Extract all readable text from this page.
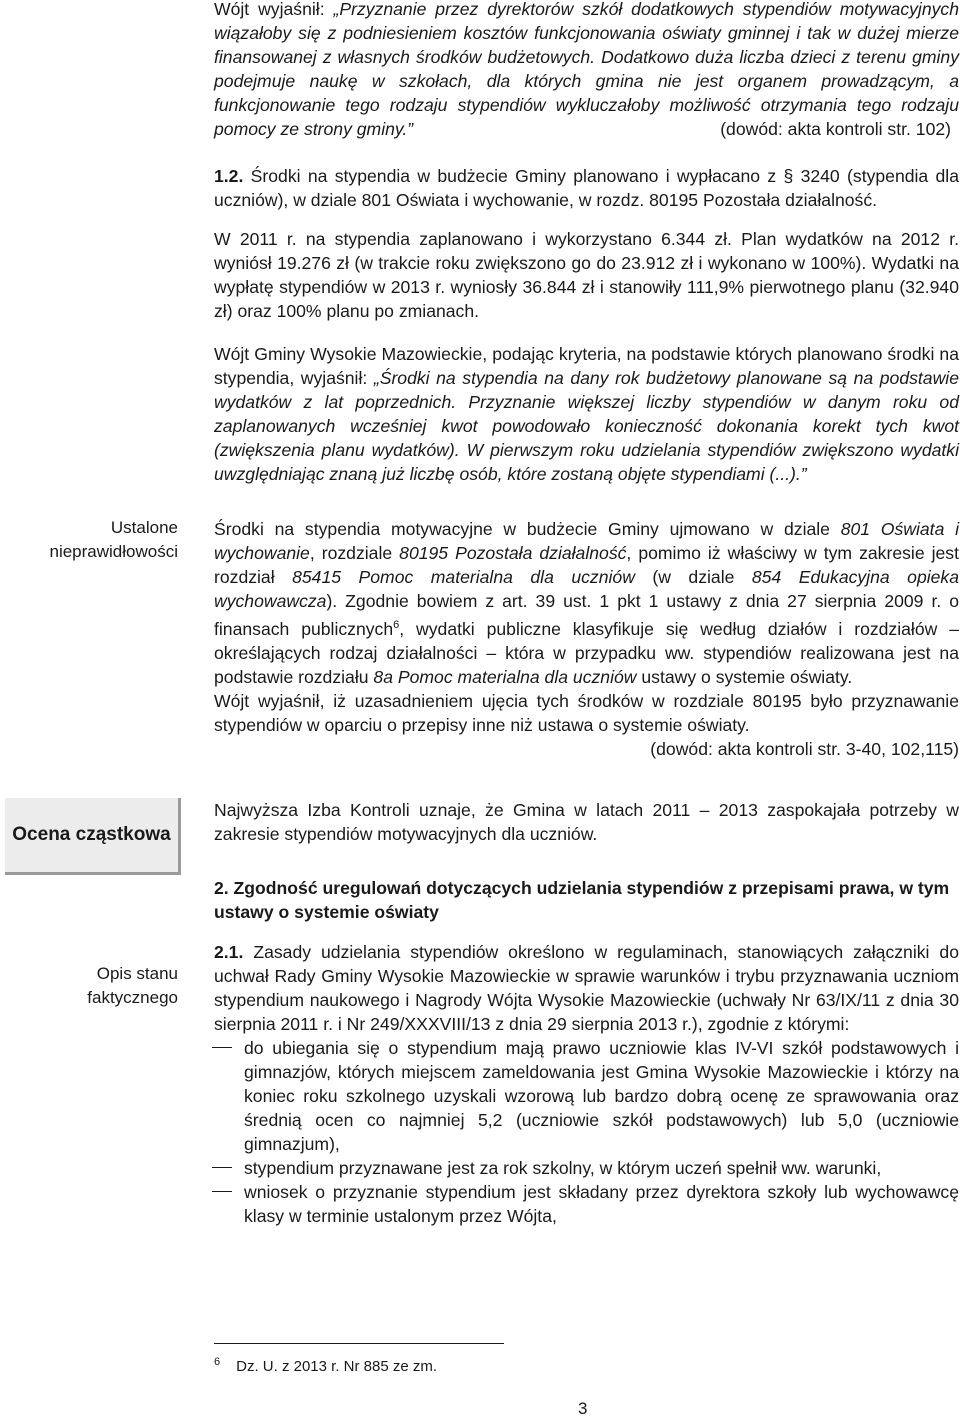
Wójt wyjaśnił: „Przyznanie przez dyrektorów szkół dodatkowych stypendiów motywacyjnych wiązałoby się z podniesieniem kosztów funkcjonowania oświaty gminnej i tak w dużej mierze finansowanej z własnych środków budżetowych. Dodatkowo duża liczba dzieci z terenu gminy podejmuje naukę w szkołach, dla których gmina nie jest organem prowadzącym, a funkcjonowanie tego rodzaju stypendiów wykluczałoby możliwość otrzymania tego rodzaju pomocy ze strony gminy.”	(dowód: akta kontroli str. 102)

1.2. Środki na stypendia w budżecie Gminy planowano i wypłacano z § 3240 (stypendia dla uczniów), w dziale 801 Oświata i wychowanie, w rozdz. 80195 Pozostała działalność.

W 2011 r. na stypendia zaplanowano i wykorzystano 6.344 zł. Plan wydatków na 2012 r. wyniósł 19.276 zł (w trakcie roku zwiększono go do 23.912 zł i wykonano w 100%). Wydatki na wypłatę stypendiów w 2013 r. wyniosły 36.844 zł i stanowiły 111,9% pierwotnego planu (32.940 zł) oraz 100% planu po zmianach.

Wójt Gminy Wysokie Mazowieckie, podając kryteria, na podstawie których planowano środki na stypendia, wyjaśnił: „Środki na stypendia na dany rok budżetowy planowane są na podstawie wydatków z lat poprzednich. Przyznanie większej liczby stypendiów w danym roku od zaplanowanych wcześniej kwot powodowało konieczność dokonania korekt tych kwot (zwiększenia planu wydatków). W pierwszym roku udzielania stypendiów zwiększono wydatki uwzględniając znaną już liczbę osób, które zostaną objęte stypendiami (...).”

Ustalone nieprawidłowości

Środki na stypendia motywacyjne w budżecie Gminy ujmowano w dziale 801 Oświata i wychowanie, rozdziale 80195 Pozostała działalność, pomimo iż właściwy w tym zakresie jest rozdział 85415 Pomoc materialna dla uczniów (w dziale 854 Edukacyjna opieka wychowawcza). Zgodnie bowiem z art. 39 ust. 1 pkt 1 ustawy z dnia 27 sierpnia 2009 r. o finansach publicznych$^6$, wydatki publiczne klasyfikuje się według działów i rozdziałów – określających rodzaj działalności – która w przypadku ww. stypendiów realizowana jest na podstawie rozdziału 8a Pomoc materialna dla uczniów ustawy o systemie oświaty.

Wójt wyjaśnił, iż uzasadnieniem ujęcia tych środków w rozdziale 80195 było przyznawanie stypendiów w oparciu o przepisy inne niż ustawa o systemie oświaty.

(dowód: akta kontroli str. 3-40, 102,115)

Ocena cząstkowa

Najwyższa Izba Kontroli uznaje, że Gmina w latach 2011 – 2013 zaspokajała potrzeby w zakresie stypendiów motywacyjnych dla uczniów.

2. Zgodność uregulowań dotyczących udzielania stypendiów z przepisami prawa, w tym ustawy o systemie oświaty
Opis stanu faktycznego

2.1. Zasady udzielania stypendiów określono w regulaminach, stanowiących załączniki do uchwał Rady Gminy Wysokie Mazowieckie w sprawie warunków i trybu przyznawania uczniom stypendium naukowego i Nagrody Wójta Wysokie Mazowieckie (uchwały Nr 63/IX/11 z dnia 30 sierpnia 2011 r. i Nr 249/XXXVIII/13 z dnia 29 sierpnia 2013 r.), zgodnie z którymi:

do ubiegania się o stypendium mają prawo uczniowie klas IV-VI szkół podstawowych i gimnazjów, których miejscem zameldowania jest Gmina Wysokie Mazowieckie i którzy na koniec roku szkolnego uzyskali wzorową lub bardzo dobrą ocenę ze sprawowania oraz średnią ocen co najmniej 5,2 (uczniowie szkół podstawowych) lub 5,0 (uczniowie gimnazjum),
stypendium przyznawane jest za rok szkolny, w którym uczeń spełnił ww. warunki,
wniosek o przyznanie stypendium jest składany przez dyrektora szkoły lub wychowawcę klasy w terminie ustalonym przez Wójta,
$^6$ Dz. U. z 2013 r. Nr 885 ze zm.
3
